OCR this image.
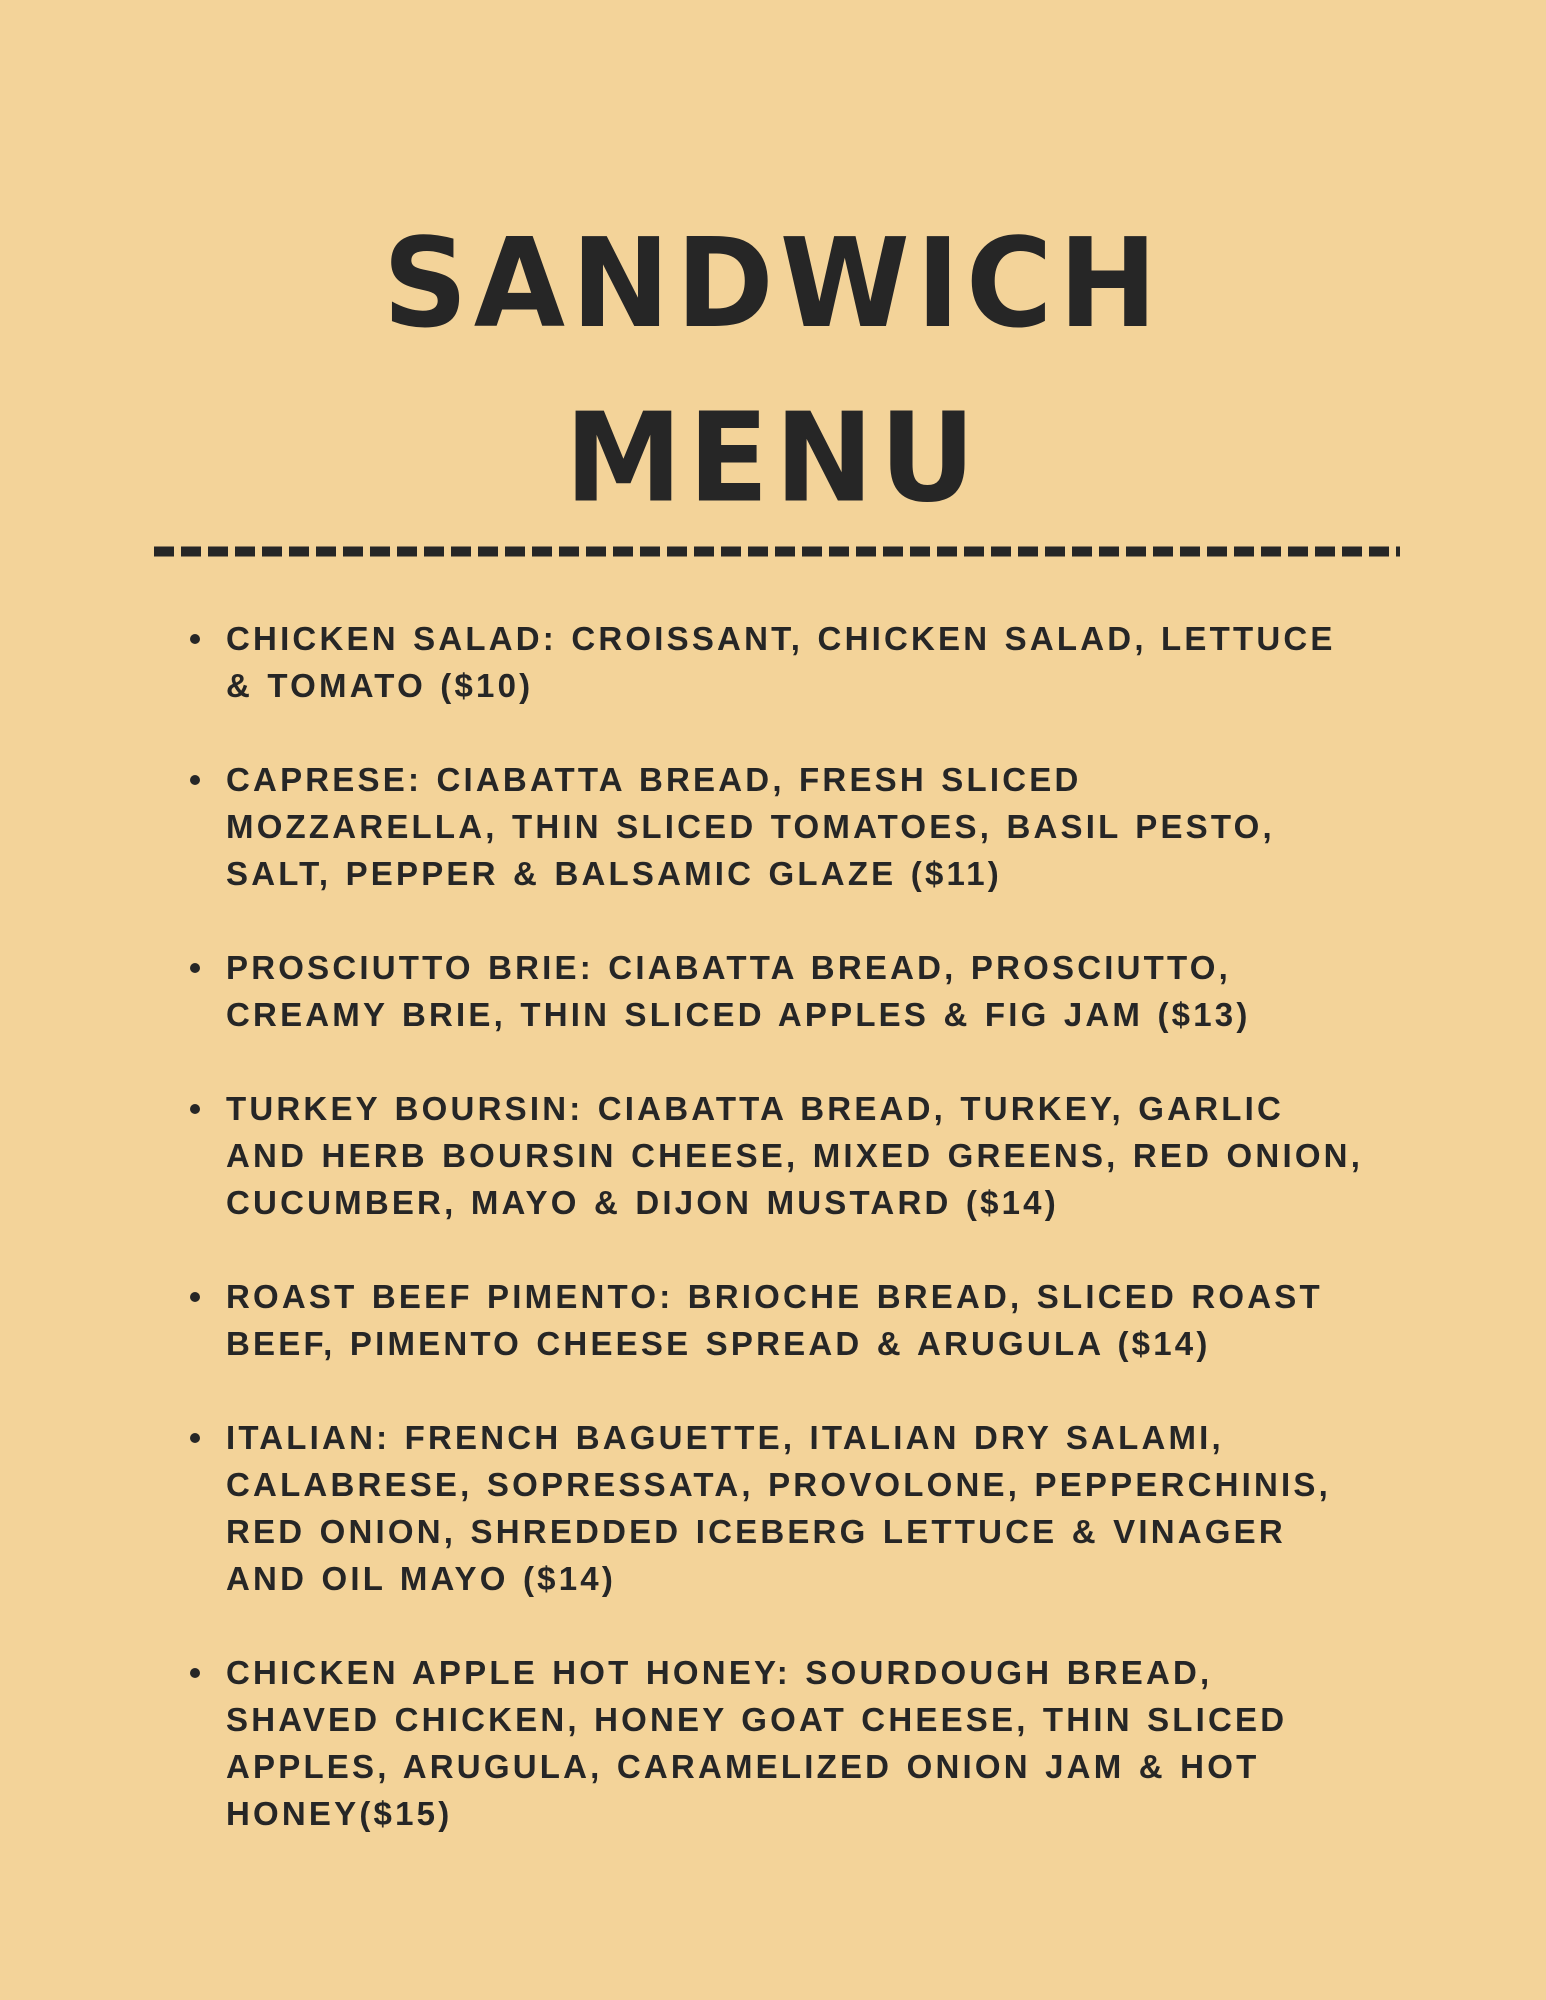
SANDWICH
MENU
CHICKEN SALAD: CROISSANT, CHICKEN SALAD, LETTUCE & TOMATO ($10)
CAPRESE: CIABATTA BREAD, FRESH SLICED MOZZARELLA, THIN SLICED TOMATOES, BASIL PESTO, SALT, PEPPER & BALSAMIC GLAZE ($11)
PROSCIUTTO BRIE: CIABATTA BREAD, PROSCIUTTO, CREAMY BRIE, THIN SLICED APPLES & FIG JAM ($13)
TURKEY BOURSIN: CIABATTA BREAD, TURKEY, GARLIC AND HERB BOURSIN CHEESE, MIXED GREENS, RED ONION, CUCUMBER, MAYO & DIJON MUSTARD ($14)
ROAST BEEF PIMENTO: BRIOCHE BREAD, SLICED ROAST BEEF, PIMENTO CHEESE SPREAD & ARUGULA ($14)
ITALIAN: FRENCH BAGUETTE, ITALIAN DRY SALAMI, CALABRESE, SOPRESSATA, PROVOLONE, PEPPERCHINIS, RED ONION, SHREDDED ICEBERG LETTUCE & VINAGER AND OIL MAYO ($14)
CHICKEN APPLE HOT HONEY: SOURDOUGH BREAD, SHAVED CHICKEN, HONEY GOAT CHEESE, THIN SLICED APPLES, ARUGULA, CARAMELIZED ONION JAM & HOT HONEY($15)
